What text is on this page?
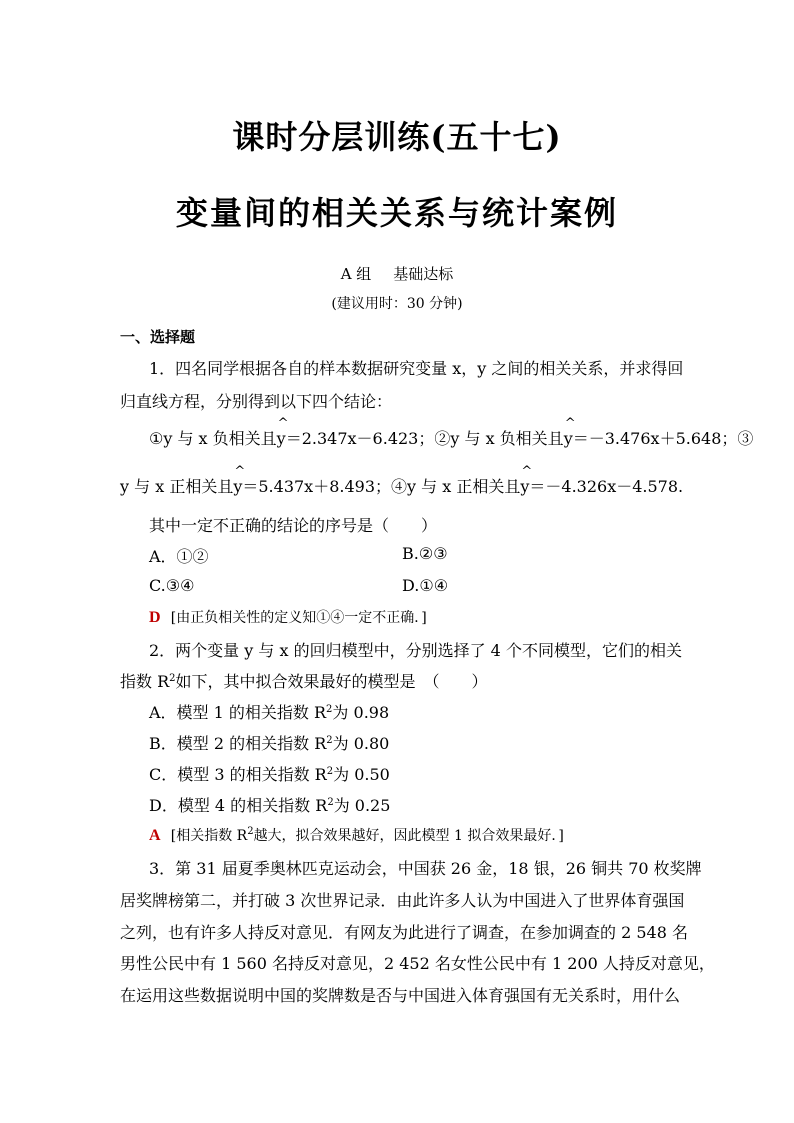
课时分层训练(五十七)
变量间的相关关系与统计案例
A 组 基础达标
(建议用时：30 分钟)
一、选择题
1．四名同学根据各自的样本数据研究变量 x，y 之间的相关关系，并求得回
归直线方程，分别得到以下四个结论：
①y 与 x 负相关且^ y＝2.347x－6.423；②y 与 x 负相关且^ y＝－3.476x＋5.648；③
y 与 x 正相关且^ y＝5.437x＋8.493；④y 与 x 正相关且^ y＝－4.326x－4.578.
其中一定不正确的结论的序号是（　　）
A．①②	B.②③
C.③④	D.①④
D [由正负相关性的定义知①④一定不正确．]
2．两个变量 y 与 x 的回归模型中，分别选择了 4 个不同模型，它们的相关
指数 $R^2$如下，其中拟合效果最好的模型是　（　　）
A．模型 1 的相关指数 $R^2$为 0.98
B．模型 2 的相关指数 $R^2$为 0.80
C．模型 3 的相关指数 $R^2$为 0.50
D．模型 4 的相关指数 $R^2$为 0.25
A [相关指数 $R^2$越大，拟合效果越好，因此模型 1 拟合效果最好．]
3．第 31 届夏季奥林匹克运动会，中国获 26 金，18 银，26 铜共 70 枚奖牌
居奖牌榜第二，并打破 3 次世界记录．由此许多人认为中国进入了世界体育强国
之列，也有许多人持反对意见．有网友为此进行了调查，在参加调查的 2 548 名
男性公民中有 1 560 名持反对意见，2 452 名女性公民中有 1 200 人持反对意见，
在运用这些数据说明中国的奖牌数是否与中国进入体育强国有无关系时，用什么
